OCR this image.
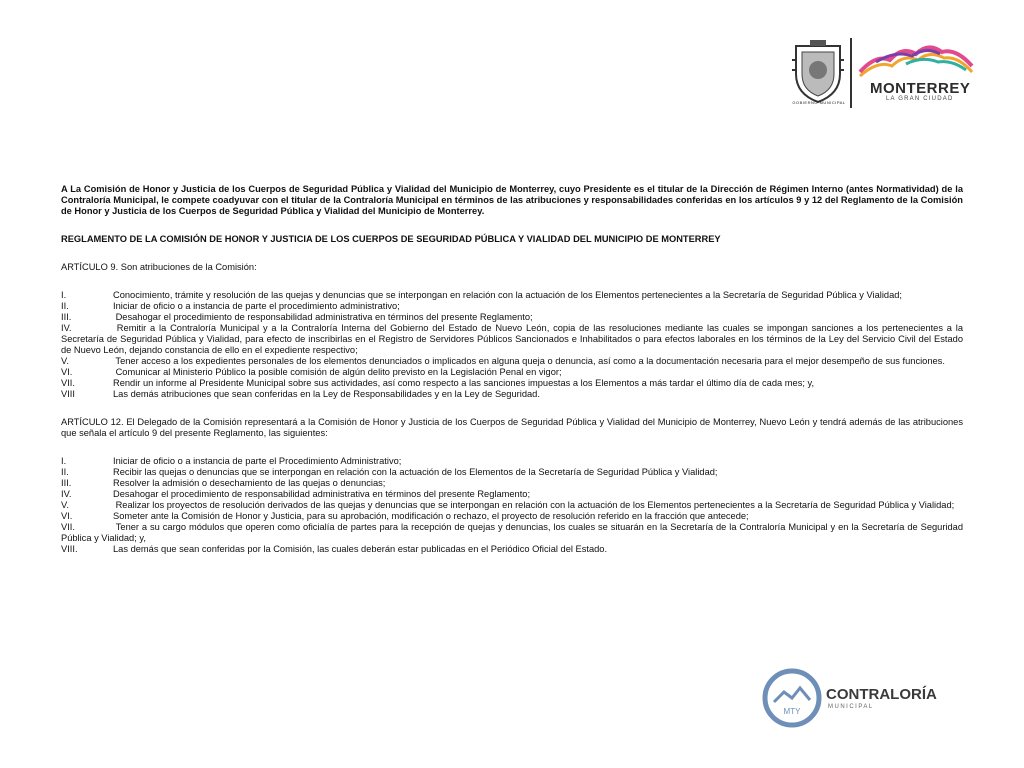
GOBIERNO MUNICIPAL
MONTERREY
LA GRAN CIUDAD

A La Comisión de Honor y Justicia de los Cuerpos de Seguridad Pública y Vialidad del Municipio de Monterrey, cuyo Presidente es el titular de la Dirección de Régimen Interno (antes Normatividad) de la Contraloría Municipal, le compete coadyuvar con el titular de la Contraloría Municipal en términos de las atribuciones y responsabilidades conferidas en los artículos 9 y 12 del Reglamento de la Comisión de Honor y Justicia de los Cuerpos de Seguridad Pública y Vialidad del Municipio de Monterrey.

REGLAMENTO DE LA COMISIÓN DE HONOR Y JUSTICIA DE LOS CUERPOS DE SEGURIDAD PÚBLICA Y VIALIDAD DEL MUNICIPIO DE MONTERREY

ARTÍCULO 9. Son atribuciones de la Comisión:

I.	Conocimiento, trámite y resolución de las quejas y denuncias que se interpongan en relación con la actuación de los Elementos pertenecientes a la Secretaría de Seguridad Pública y Vialidad;
II.	Iniciar de oficio o a instancia de parte el procedimiento administrativo;
III.	Desahogar el procedimiento de responsabilidad administrativa en términos del presente Reglamento;
IV.	Remitir a la Contraloría Municipal y a la Contraloría Interna del Gobierno del Estado de Nuevo León, copia de las resoluciones mediante las cuales se impongan sanciones a los pertenecientes a la Secretaría de Seguridad Pública y Vialidad, para efecto de inscribirlas en el Registro de Servidores Públicos Sancionados e Inhabilitados o para efectos laborales en los términos de la Ley del Servicio Civil del Estado de Nuevo León, dejando constancia de ello en el expediente respectivo;
V.	Tener acceso a los expedientes personales de los elementos denunciados o implicados en alguna queja o denuncia, así como a la documentación necesaria para el mejor desempeño de sus funciones.
VI.	Comunicar al Ministerio Público la posible comisión de algún delito previsto en la Legislación Penal en vigor;
VII.	Rendir un informe al Presidente Municipal sobre sus actividades, así como respecto a las sanciones impuestas a los Elementos a más tardar el último día de cada mes; y,
VIII	Las demás atribuciones que sean conferidas en la Ley de Responsabilidades y en la Ley de Seguridad.

ARTÍCULO 12. El Delegado de la Comisión representará a la Comisión de Honor y Justicia de los Cuerpos de Seguridad Pública y Vialidad del Municipio de Monterrey, Nuevo León y tendrá además de las atribuciones que señala el artículo 9 del presente Reglamento, las siguientes:

I.	Iniciar de oficio o a instancia de parte el Procedimiento Administrativo;
II.	Recibir las quejas o denuncias que se interpongan en relación con la actuación de los Elementos de la Secretaría de Seguridad Pública y Vialidad;
III.	Resolver la admisión o desechamiento de las quejas o denuncias;
IV.	Desahogar el procedimiento de responsabilidad administrativa en términos del presente Reglamento;
V.	Realizar los proyectos de resolución derivados de las quejas y denuncias que se interpongan en relación con la actuación de los Elementos pertenecientes a la Secretaría de Seguridad Pública y Vialidad;
VI.	Someter ante la Comisión de Honor y Justicia, para su aprobación, modificación o rechazo, el proyecto de resolución referido en la fracción que antecede;
VII.	Tener a su cargo módulos que operen como oficialía de partes para la recepción de quejas y denuncias, los cuales se situarán en la Secretaría de la Contraloría Municipal y en la Secretaría de Seguridad Pública y Vialidad; y,
VIII.	Las demás que sean conferidas por la Comisión, las cuales deberán estar publicadas en el Periódico Oficial del Estado.
MTY
CONTRALORÍA
MUNICIPAL
